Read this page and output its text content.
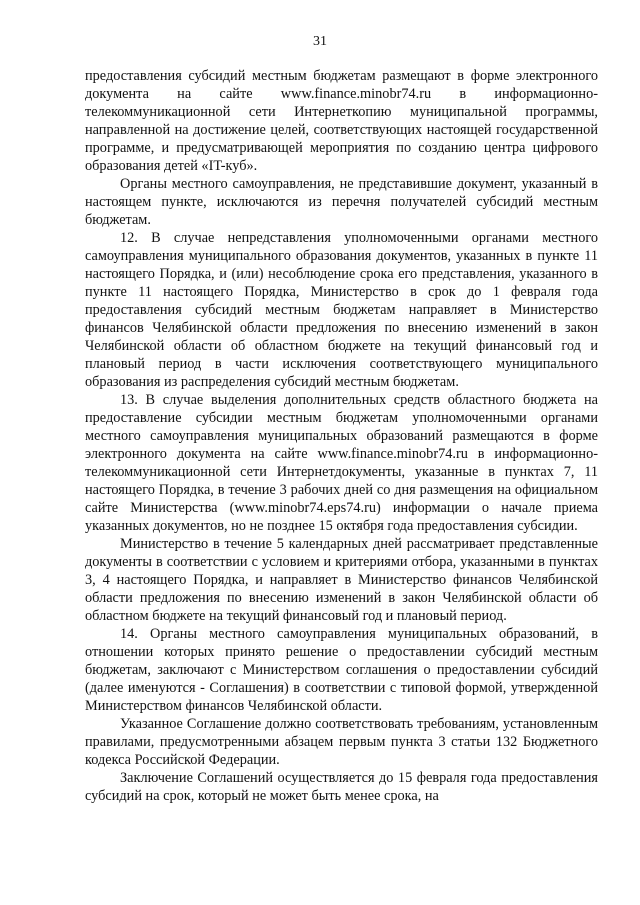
31

предоставления субсидий местным бюджетам размещают в форме электронного документа на сайте www.finance.minobr74.ru в информационно-телекоммуникационной сети Интернеткопию муниципальной программы, направленной на достижение целей, соответствующих настоящей государственной программе, и предусматривающей мероприятия по созданию центра цифрового образования детей «IT-куб».

Органы местного самоуправления, не представившие документ, указанный в настоящем пункте, исключаются из перечня получателей субсидий местным бюджетам.

12. В случае непредставления уполномоченными органами местного самоуправления муниципального образования документов, указанных в пункте 11 настоящего Порядка, и (или) несоблюдение срока его представления, указанного в пункте 11 настоящего Порядка, Министерство в срок до 1 февраля года предоставления субсидий местным бюджетам направляет в Министерство финансов Челябинской области предложения по внесению изменений в закон Челябинской области об областном бюджете на текущий финансовый год и плановый период в части исключения соответствующего муниципального образования из распределения субсидий местным бюджетам.

13. В случае выделения дополнительных средств областного бюджета на предоставление субсидии местным бюджетам уполномоченными органами местного самоуправления муниципальных образований размещаются в форме электронного документа на сайте www.finance.minobr74.ru в информационно-телекоммуникационной сети Интернетдокументы, указанные в пунктах 7, 11 настоящего Порядка, в течение 3 рабочих дней со дня размещения на официальном сайте Министерства (www.minobr74.eps74.ru) информации о начале приема указанных документов, но не позднее 15 октября года предоставления субсидии.

Министерство в течение 5 календарных дней рассматривает представленные документы в соответствии с условием и критериями отбора, указанными в пунктах 3, 4 настоящего Порядка, и направляет в Министерство финансов Челябинской области предложения по внесению изменений в закон Челябинской области об областном бюджете на текущий финансовый год и плановый период.

14. Органы местного самоуправления муниципальных образований, в отношении которых принято решение о предоставлении субсидий местным бюджетам, заключают с Министерством соглашения о предоставлении субсидий (далее именуются - Соглашения) в соответствии с типовой формой, утвержденной Министерством финансов Челябинской области.

Указанное Соглашение должно соответствовать требованиям, установленным правилами, предусмотренными абзацем первым пункта 3 статьи 132 Бюджетного кодекса Российской Федерации.

Заключение Соглашений осуществляется до 15 февраля года предоставления субсидий на срок, который не может быть менее срока, на
